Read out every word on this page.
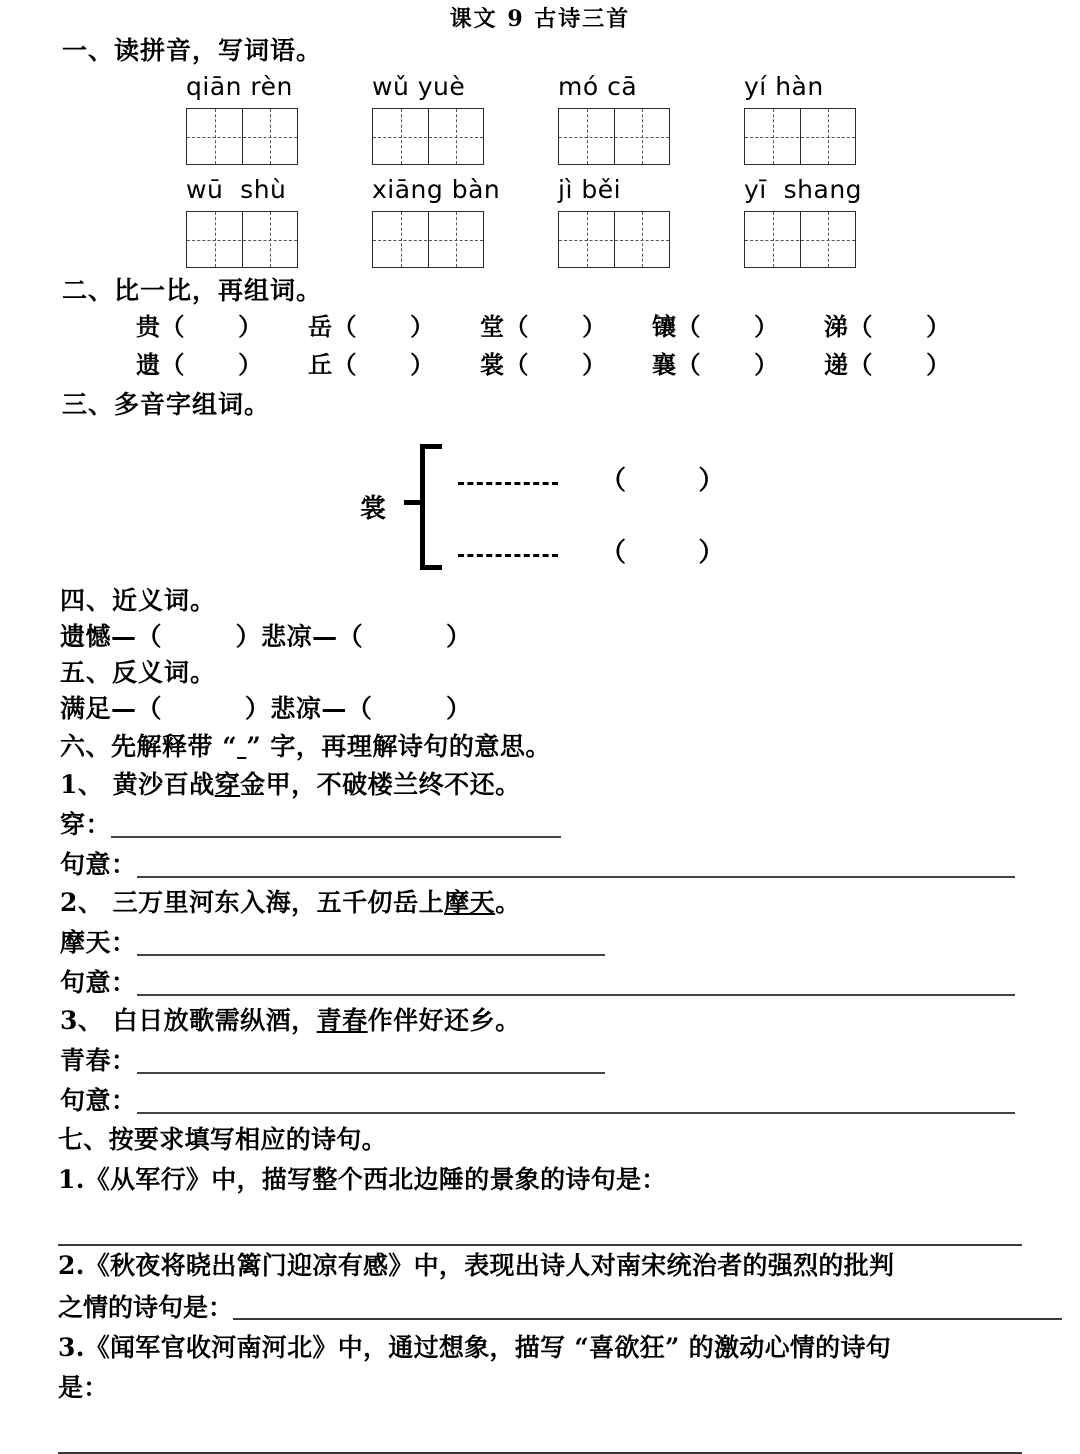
课文 9 古诗三首
一、读拼音，写词语。
qiān rèn	wǔ yuè	mó cā	yí hàn
wū  shù	xiāng bàn	jì běi	yī  shang
二、比一比，再组词。
贵（      ）	岳（      ）	堂（      ）	镶（      ）	涕（      ）
遗（      ）	丘（      ）	裳（      ）	襄（      ）	递（      ）
三、多音字组词。
裳
（        ）
（        ）
四、近义词。
遗憾—（        ）悲凉—（         ）
五、反义词。
满足—（         ）悲凉—（        ）
六、先解释带 “ ” 字，再理解诗句的意思。
1、 黄沙百战穿金甲，不破楼兰终不还。
穿：
句意：
2、 三万里河东入海，五千仞岳上摩天。
摩天：
句意：
3、 白日放歌需纵酒，青春作伴好还乡。
青春：
句意：
七、按要求填写相应的诗句。
1.《从军行》中，描写整个西北边陲的景象的诗句是：
2.《秋夜将晓出篱门迎凉有感》中，表现出诗人对南宋统治者的强烈的批判
之情的诗句是：
3.《闻军官收河南河北》中，通过想象，描写 “喜欲狂” 的激动心情的诗句
是：
